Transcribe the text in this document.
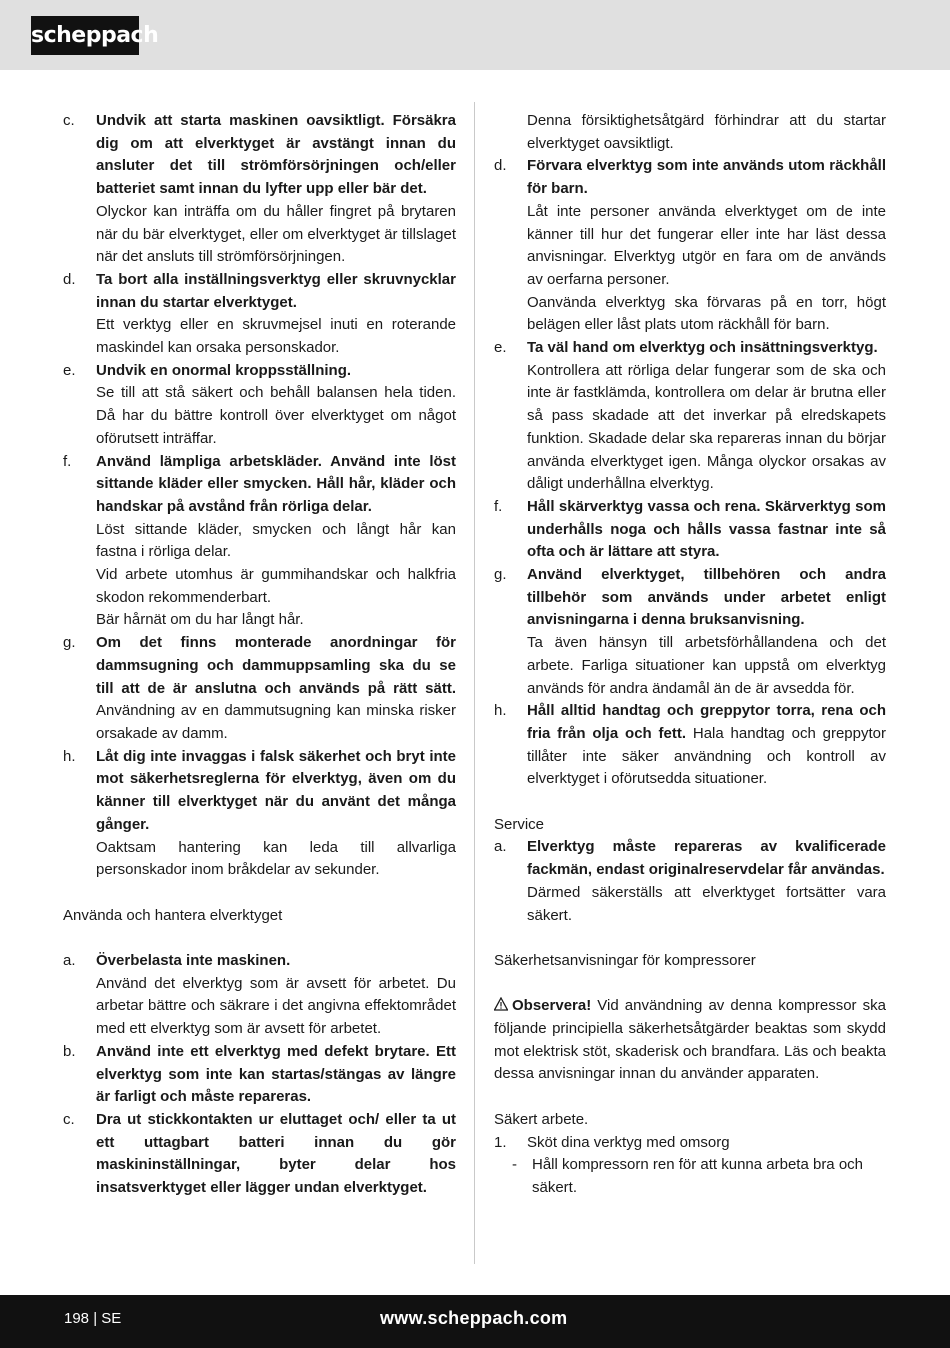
scheppach
c.	Undvik att starta maskinen oavsiktligt. Försäkra dig om att elverktyget är avstängt innan du ansluter det till strömförsörjningen och/eller batteriet samt innan du lyfter upp eller bär det.
Olyckor kan inträffa om du håller fingret på brytaren när du bär elverktyget, eller om elverktyget är tillslaget när det ansluts till strömförsörjningen.
d.	Ta bort alla inställningsverktyg eller skruvnycklar innan du startar elverktyget.
Ett verktyg eller en skruvmejsel inuti en roterande maskindel kan orsaka personskador.
e.	Undvik en onormal kroppsställning.
Se till att stå säkert och behåll balansen hela tiden. Då har du bättre kontroll över elverktyget om något oförutsett inträffar.
f.	Använd lämpliga arbetskläder. Använd inte löst sittande kläder eller smycken. Håll hår, kläder och handskar på avstånd från rörliga delar.
Löst sittande kläder, smycken och långt hår kan fastna i rörliga delar.
Vid arbete utomhus är gummihandskar och halkfria skodon rekommenderbart.
Bär hårnät om du har långt hår.
g.	Om det finns monterade anordningar för dammsugning och dammuppsamling ska du se till att de är anslutna och används på rätt sätt. Användning av en dammutsugning kan minska risker orsakade av damm.
h.	Låt dig inte invaggas i falsk säkerhet och bryt inte mot säkerhetsreglerna för elverktyg, även om du känner till elverktyget när du använt det många gånger.
Oaktsam hantering kan leda till allvarliga personskador inom bråkdelar av sekunder.
Använda och hantera elverktyget
a.	Överbelasta inte maskinen.
Använd det elverktyg som är avsett för arbetet. Du arbetar bättre och säkrare i det angivna effektområdet med ett elverktyg som är avsett för arbetet.
b.	Använd inte ett elverktyg med defekt brytare. Ett elverktyg som inte kan startas/stängas av längre är farligt och måste repareras.
c.	Dra ut stickkontakten ur eluttaget och/ eller ta ut ett uttagbart batteri innan du gör maskininställningar, byter delar hos insatsverktyget eller lägger undan elverktyget.
Denna försiktighetsåtgärd förhindrar att du startar elverktyget oavsiktligt.
d.	Förvara elverktyg som inte används utom räckhåll för barn.
Låt inte personer använda elverktyget om de inte känner till hur det fungerar eller inte har läst dessa anvisningar. Elverktyg utgör en fara om de används av oerfarna personer.
Oanvända elverktyg ska förvaras på en torr, högt belägen eller låst plats utom räckhåll för barn.
e.	Ta väl hand om elverktyg och insättningsverktyg.
Kontrollera att rörliga delar fungerar som de ska och inte är fastklämda, kontrollera om delar är brutna eller så pass skadade att det inverkar på elredskapets funktion. Skadade delar ska repareras innan du börjar använda elverktyget igen. Många olyckor orsakas av dåligt underhållna elverktyg.
f.	Håll skärverktyg vassa och rena. Skärverktyg som underhålls noga och hålls vassa fastnar inte så ofta och är lättare att styra.
g.	Använd elverktyget, tillbehören och andra tillbehör som används under arbetet enligt anvisningarna i denna bruksanvisning.
Ta även hänsyn till arbetsförhållandena och det arbete. Farliga situationer kan uppstå om elverktyg används för andra ändamål än de är avsedda för.
h.	Håll alltid handtag och greppytor torra, rena och fria från olja och fett. Hala handtag och greppytor tillåter inte säker användning och kontroll av elverktyget i oförutsedda situationer.
Service
a.	Elverktyg måste repareras av kvalificerade fackmän, endast originalreservdelar får användas.
Därmed säkerställs att elverktyget fortsätter vara säkert.
Säkerhetsanvisningar för kompressorer
Observera! Vid användning av denna kompressor ska följande principiella säkerhetsåtgärder beaktas som skydd mot elektrisk stöt, skaderisk och brandfara. Läs och beakta dessa anvisningar innan du använder apparaten.
Säkert arbete.
1.	Sköt dina verktyg med omsorg
-	Håll kompressorn ren för att kunna arbeta bra och säkert.
198 | SE	www.scheppach.com
